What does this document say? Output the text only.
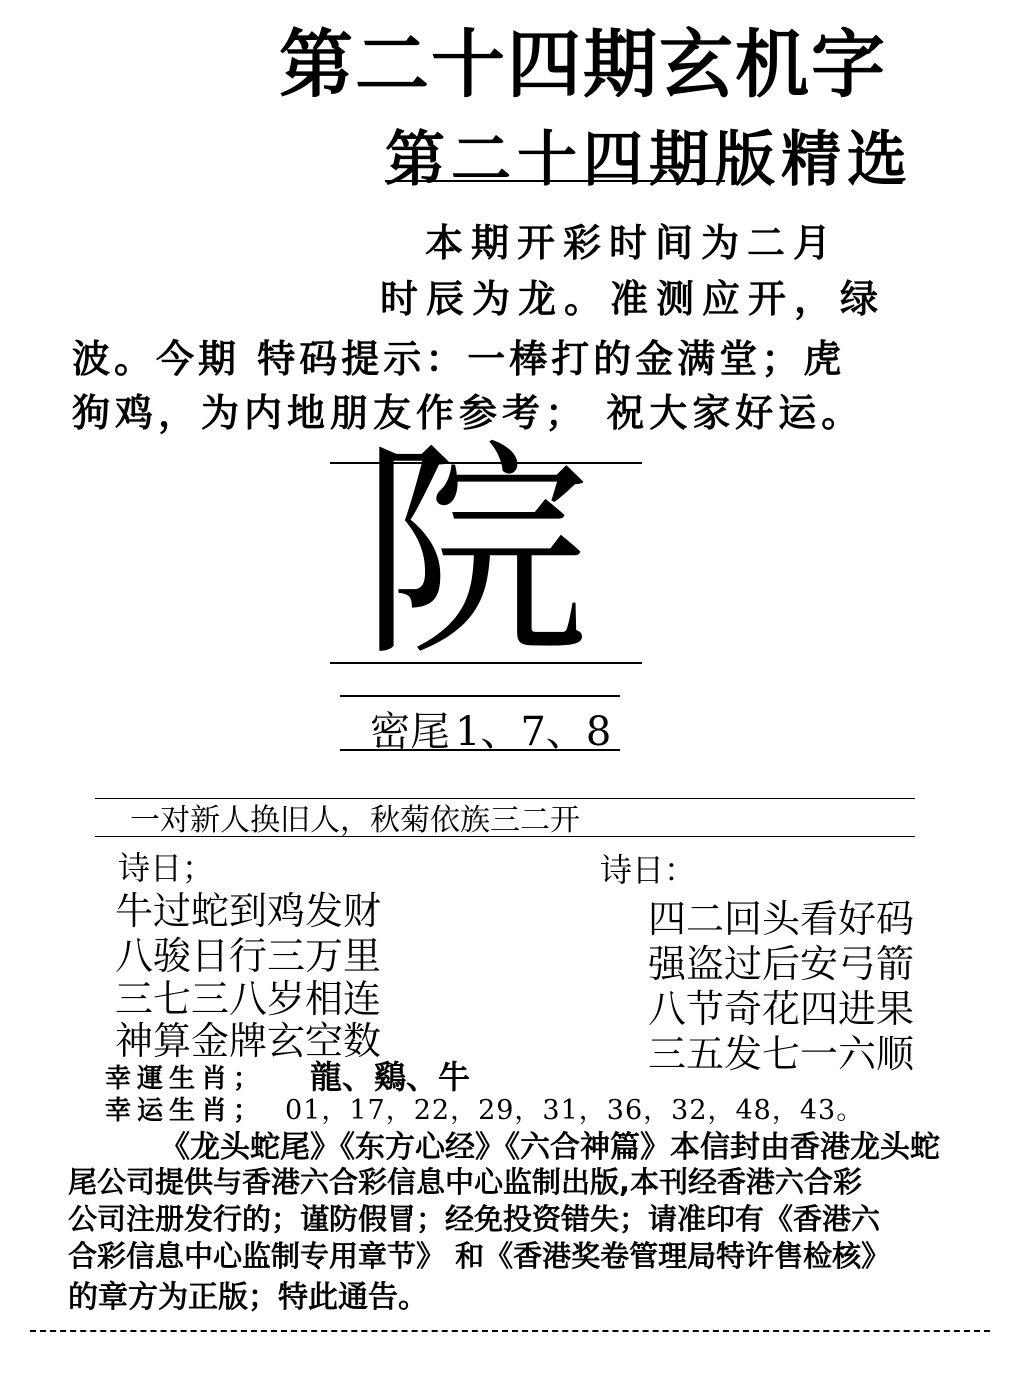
第二十四期玄机字
第二十四期版精选
本期开彩时间为二月
时辰为龙。准测应开，绿
波。今期 特码提示：一棒打的金满堂；虎
狗鸡，为内地朋友作参考； 祝大家好运。
院
密尾 1、7、8
一对新人换旧人，秋菊依族三二开
诗日；
牛过蛇到鸡发财
八骏日行三万里
三七三八岁相连
神算金牌玄空数
诗日：
四二回头看好码
强盗过后安弓箭
八节奇花四进果
三五发七一六顺
幸運生肖； 龍、鷄、牛
幸运生肖； 01，17，22，29，31，36，32，48，43。
《龙头蛇尾》《东方心经》《六合神篇》本信封由香港龙头蛇
尾公司提供与香港六合彩信息中心监制出版,本刊经香港六合彩
公司注册发行的；谨防假冒；经免投资错失；请准印有《香港六
合彩信息中心监制专用章节》 和《香港奖卷管理局特许售检核》
的章方为正版；特此通告。
